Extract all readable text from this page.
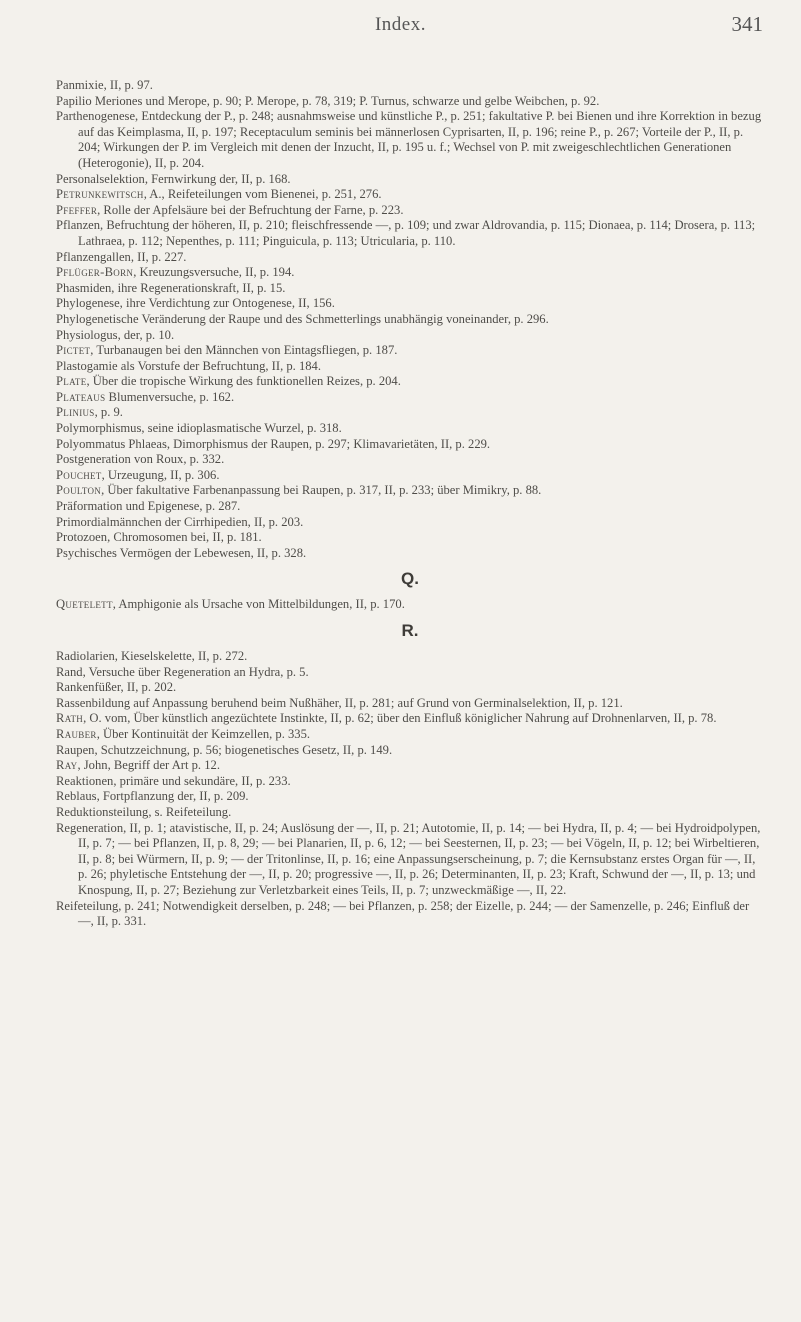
Index.	341

Panmixie, II, p. 97.

Papilio Meriones und Merope, p. 90; P. Merope, p. 78, 319; P. Turnus, schwarze und gelbe Weibchen, p. 92.

Parthenogenese, Entdeckung der P., p. 248; ausnahmsweise und künstliche P., p. 251; fakultative P. bei Bienen und ihre Korrektion in bezug auf das Keimplasma, II, p. 197; Receptaculum seminis bei männerlosen Cyprisarten, II, p. 196; reine P., p. 267; Vorteile der P., II, p. 204; Wirkungen der P. im Vergleich mit denen der Inzucht, II, p. 195 u. f.; Wechsel von P. mit zweigeschlechtlichen Generationen (Heterogonie), II, p. 204.

Personalselektion, Fernwirkung der, II, p. 168.

Petrunkewitsch, A., Reifeteilungen vom Bienenei, p. 251, 276.

Pfeffer, Rolle der Apfelsäure bei der Befruchtung der Farne, p. 223.

Pflanzen, Befruchtung der höheren, II, p. 210; fleischfressende —, p. 109; und zwar Aldrovandia, p. 115; Dionaea, p. 114; Drosera, p. 113; Lathraea, p. 112; Nepenthes, p. 111; Pinguicula, p. 113; Utricularia, p. 110.

Pflanzengallen, II, p. 227.

Pflüger-Born, Kreuzungsversuche, II, p. 194.

Phasmiden, ihre Regenerationskraft, II, p. 15.

Phylogenese, ihre Verdichtung zur Ontogenese, II, 156.

Phylogenetische Veränderung der Raupe und des Schmetterlings unabhängig voneinander, p. 296.

Physiologus, der, p. 10.

Pictet, Turbanaugen bei den Männchen von Eintagsfliegen, p. 187.

Plastogamie als Vorstufe der Befruchtung, II, p. 184.

Plate, Über die tropische Wirkung des funktionellen Reizes, p. 204.

Plateaus Blumenversuche, p. 162.

Plinius, p. 9.

Polymorphismus, seine idioplasmatische Wurzel, p. 318.

Polyommatus Phlaeas, Dimorphismus der Raupen, p. 297; Klimavarietäten, II, p. 229.

Postgeneration von Roux, p. 332.

Pouchet, Urzeugung, II, p. 306.

Poulton, Über fakultative Farbenanpassung bei Raupen, p. 317, II, p. 233; über Mimikry, p. 88.

Präformation und Epigenese, p. 287.

Primordialmännchen der Cirrhipedien, II, p. 203.

Protozoen, Chromosomen bei, II, p. 181.

Psychisches Vermögen der Lebewesen, II, p. 328.

Q.

Quetelett, Amphigonie als Ursache von Mittelbildungen, II, p. 170.

R.

Radiolarien, Kieselskelette, II, p. 272.

Rand, Versuche über Regeneration an Hydra, p. 5.

Rankenfüßer, II, p. 202.

Rassenbildung auf Anpassung beruhend beim Nußhäher, II, p. 281; auf Grund von Germinalselektion, II, p. 121.

Rath, O. vom, Über künstlich angezüchtete Instinkte, II, p. 62; über den Einfluß königlicher Nahrung auf Drohnenlarven, II, p. 78.

Rauber, Über Kontinuität der Keimzellen, p. 335.

Raupen, Schutzzeichnung, p. 56; biogenetisches Gesetz, II, p. 149.

Ray, John, Begriff der Art p. 12.

Reaktionen, primäre und sekundäre, II, p. 233.

Reblaus, Fortpflanzung der, II, p. 209.

Reduktionsteilung, s. Reifeteilung.

Regeneration, II, p. 1; atavistische, II, p. 24; Auslösung der —, II, p. 21; Autotomie, II, p. 14; — bei Hydra, II, p. 4; — bei Hydroidpolypen, II, p. 7; — bei Pflanzen, II, p. 8, 29; — bei Planarien, II, p. 6, 12; — bei Seesternen, II, p. 23; — bei Vögeln, II, p. 12; bei Wirbeltieren, II, p. 8; bei Würmern, II, p. 9; — der Tritonlinse, II, p. 16; eine Anpassungserscheinung, p. 7; die Kernsubstanz erstes Organ für —, II, p. 26; phyletische Entstehung der —, II, p. 20; progressive —, II, p. 26; Determinanten, II, p. 23; Kraft, Schwund der —, II, p. 13; und Knospung, II, p. 27; Beziehung zur Verletzbarkeit eines Teils, II, p. 7; unzweckmäßige —, II, 22.

Reifeteilung, p. 241; Notwendigkeit derselben, p. 248; — bei Pflanzen, p. 258; der Eizelle, p. 244; — der Samenzelle, p. 246; Einfluß der —, II, p. 331.
